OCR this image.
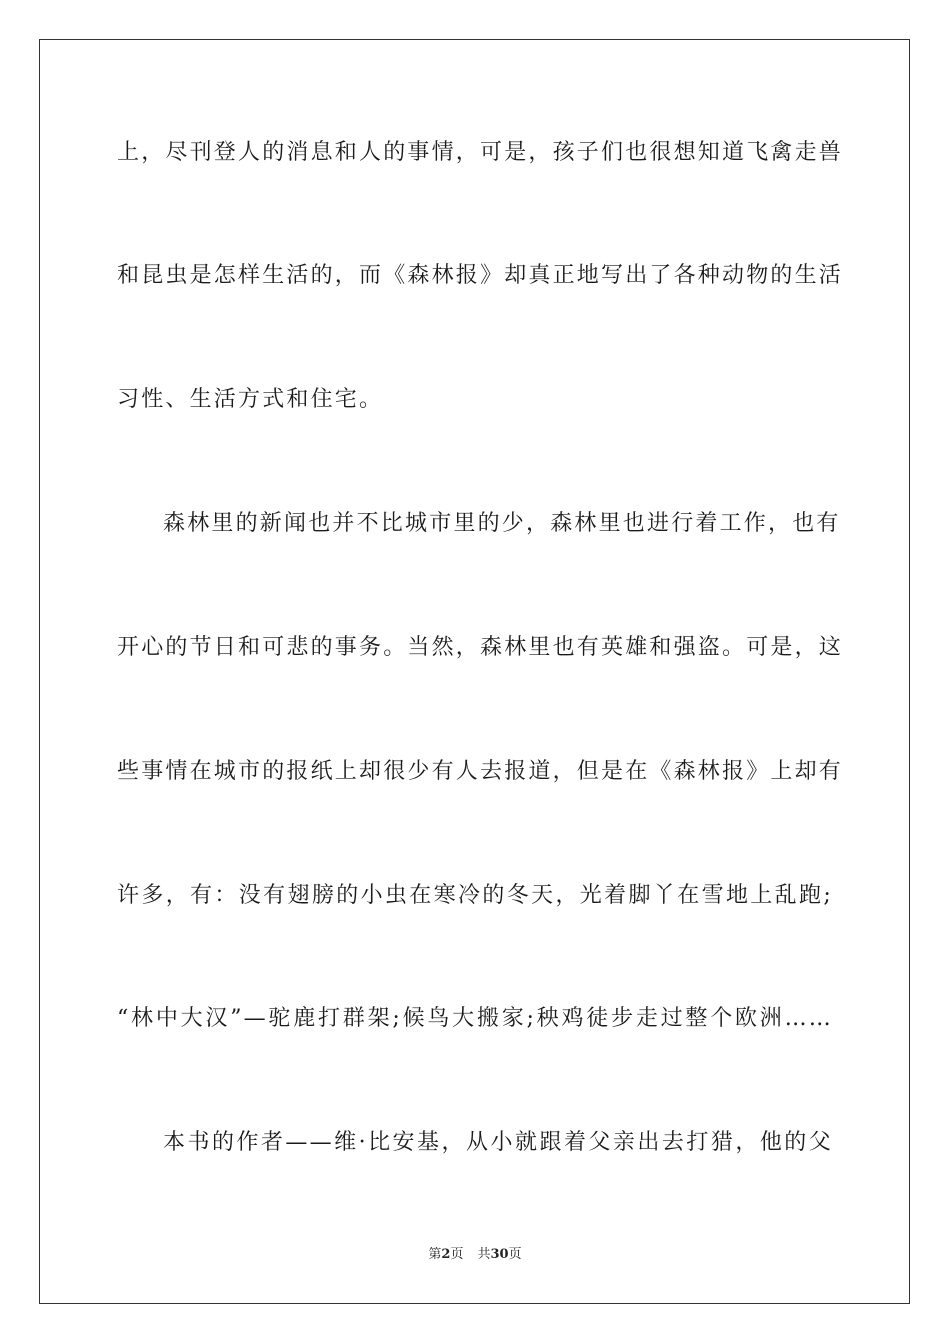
上，尽刊登人的消息和人的事情，可是，孩子们也很想知道飞禽走兽
和昆虫是怎样生活的，而《森林报》却真正地写出了各种动物的生活
习性、生活方式和住宅。
森林里的新闻也并不比城市里的少，森林里也进行着工作，也有
开心的节日和可悲的事务。当然，森林里也有英雄和强盗。可是，这
些事情在城市的报纸上却很少有人去报道，但是在《森林报》上却有
许多，有：没有翅膀的小虫在寒冷的冬天，光着脚丫在雪地上乱跑;
“林中大汉”—驼鹿打群架;候鸟大搬家;秧鸡徒步走过整个欧洲……
本书的作者——维·比安基，从小就跟着父亲出去打猎，他的父
第2页 共30页
